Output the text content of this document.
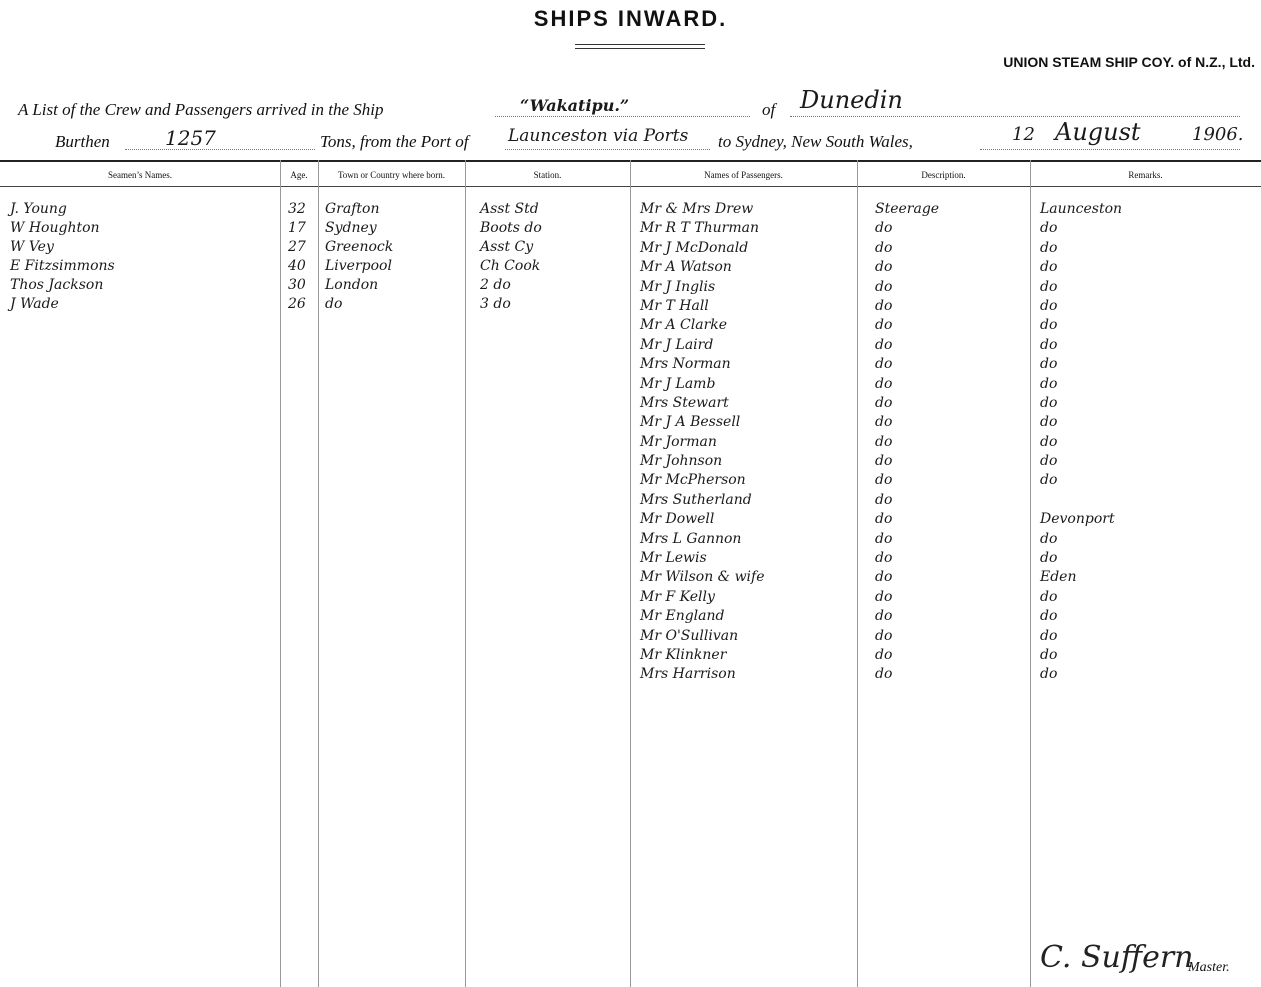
SHIPS INWARD.
UNION STEAM SHIP COY. of N.Z., Ltd.
A List of the Crew and Passengers arrived in the Ship	“Wakatipu.”	of Dunedin
Burthen	1257	Tons, from the Port of Launceston via Ports to Sydney, New South Wales,	12 August	1906.
Seamen’s Names.	Age.	Town or Country where born.	Station.	Names of Passengers.	Description.	Remarks.
J. Young	32 Grafton	Asst Std
W Houghton	17 Sydney	Boots do
W Vey	27 Greenock	Asst Cy
E Fitzsimmons	40 Liverpool	Ch Cook
Thos Jackson	30 London	2 do
J Wade	26 do	3 do
Mr & Mrs Drew	Steerage	Launceston
Mr R T Thurman	do	do
Mr J McDonald	do	do
Mr A Watson	do	do
Mr J Inglis	do	do
Mr T Hall	do	do
Mr A Clarke	do	do
Mr J Laird	do	do
Mrs Norman	do	do
Mr J Lamb	do	do
Mrs Stewart	do	do
Mr J A Bessell	do	do
Mr Jorman	do	do
Mr Johnson	do	do
Mr McPherson	do	do
Mrs Sutherland	do
Mr Dowell	do	Devonport
Mrs L Gannon	do	do
Mr Lewis	do	do
Mr Wilson & wife	do	Eden
Mr F Kelly	do	do
Mr England	do	do
Mr O'Sullivan	do	do
Mr Klinkner	do	do
Mrs Harrison	do	do
C. Suffern
Master.
